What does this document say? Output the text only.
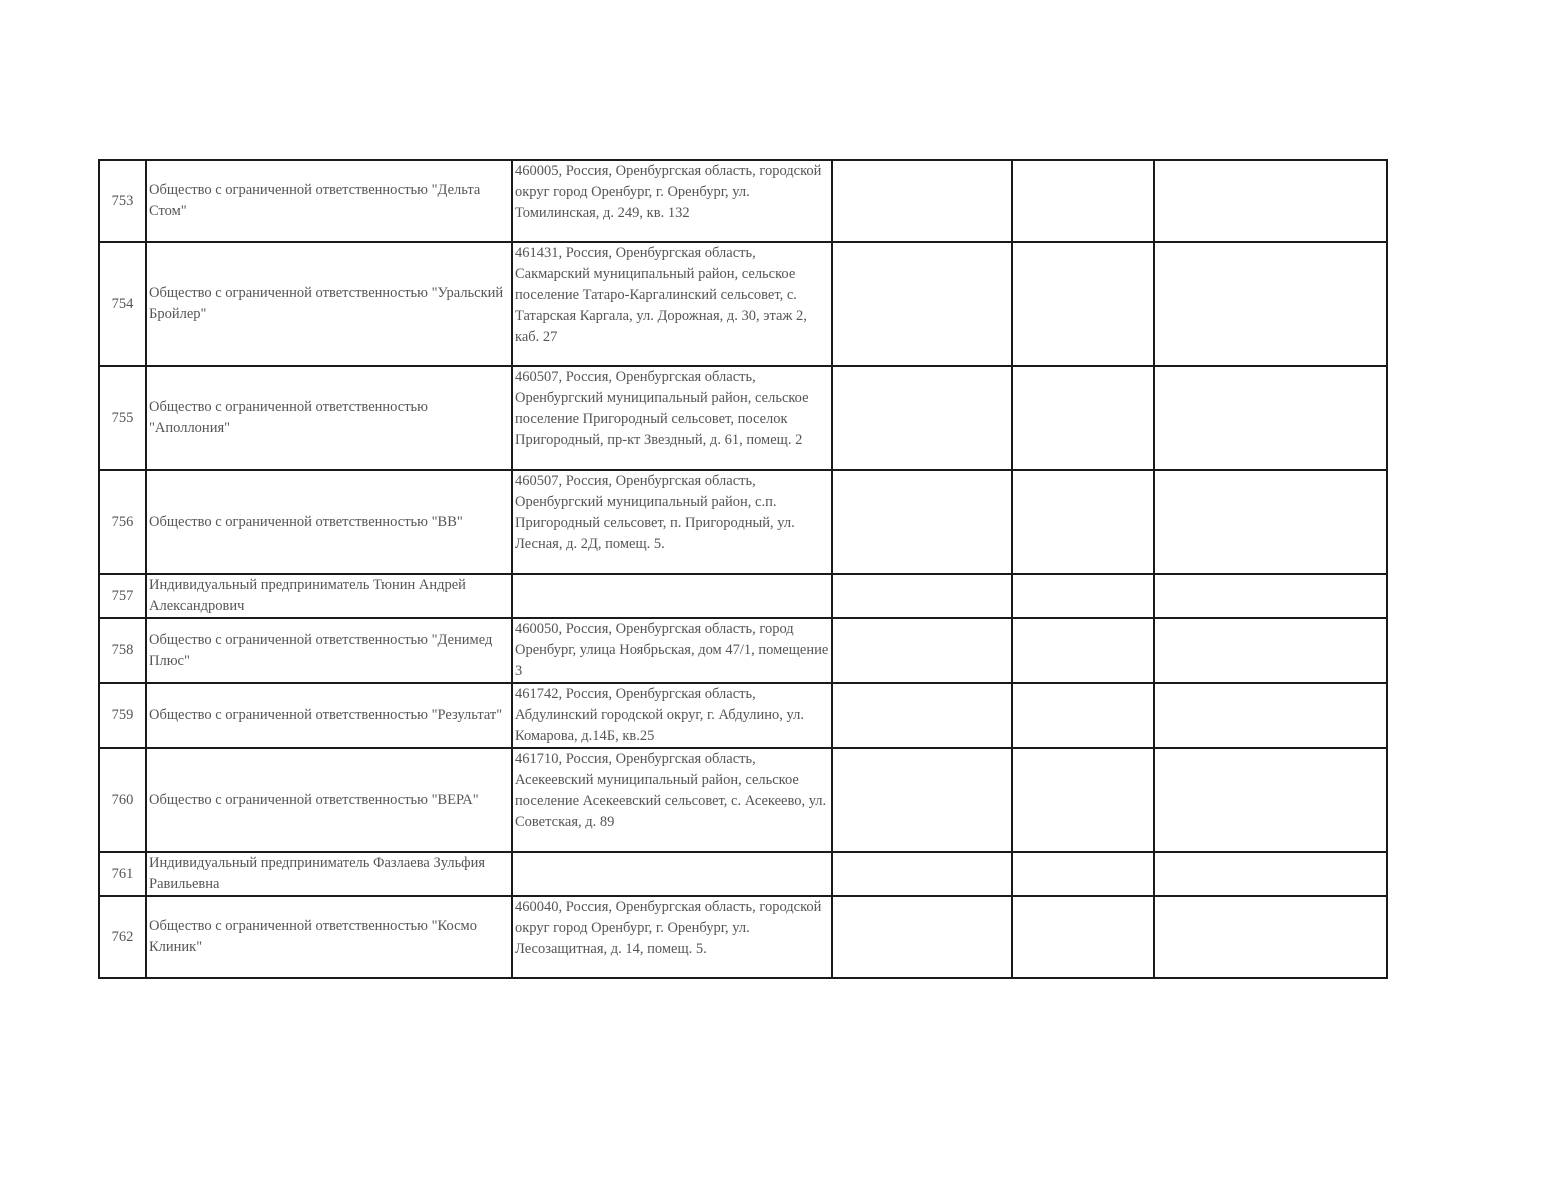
753	Общество с ограниченной ответственностью "Дельта Стом"	460005, Россия, Оренбургская область, городской округ город Оренбург, г. Оренбург, ул. Томилинская, д. 249, кв. 132			
754	Общество с ограниченной ответственностью "Уральский Бройлер"	461431, Россия, Оренбургская область, Сакмарский муниципальный район, сельское поселение Татаро-Каргалинский сельсовет, с. Татарская Каргала, ул. Дорожная, д. 30, этаж 2, каб. 27			
755	Общество с ограниченной ответственностью "Аполлония"	460507, Россия, Оренбургская область, Оренбургский муниципальный район, сельское поселение Пригородный сельсовет, поселок Пригородный, пр-кт Звездный, д. 61, помещ. 2			
756	Общество с ограниченной ответственностью "ВВ"	460507, Россия, Оренбургская область, Оренбургский муниципальный район, с.п. Пригородный сельсовет, п. Пригородный, ул. Лесная, д. 2Д, помещ. 5.			
757	Индивидуальный предприниматель Тюнин Андрей Александрович				
758	Общество с ограниченной ответственностью "Денимед Плюс"	460050, Россия, Оренбургская область, город Оренбург, улица Ноябрьская, дом 47/1, помещение 3			
759	Общество с ограниченной ответственностью "Результат"	461742, Россия, Оренбургская область, Абдулинский городской округ, г. Абдулино, ул. Комарова, д.14Б, кв.25			
760	Общество с ограниченной ответственностью "ВЕРА"	461710, Россия, Оренбургская область, Асекеевский муниципальный район, сельское поселение Асекеевский сельсовет, с. Асекеево, ул. Советская, д. 89			
761	Индивидуальный предприниматель Фазлаева Зульфия Равильевна				
762	Общество с ограниченной ответственностью "Космо Клиник"	460040, Россия, Оренбургская область, городской округ город Оренбург, г. Оренбург, ул. Лесозащитная, д. 14, помещ. 5.			
